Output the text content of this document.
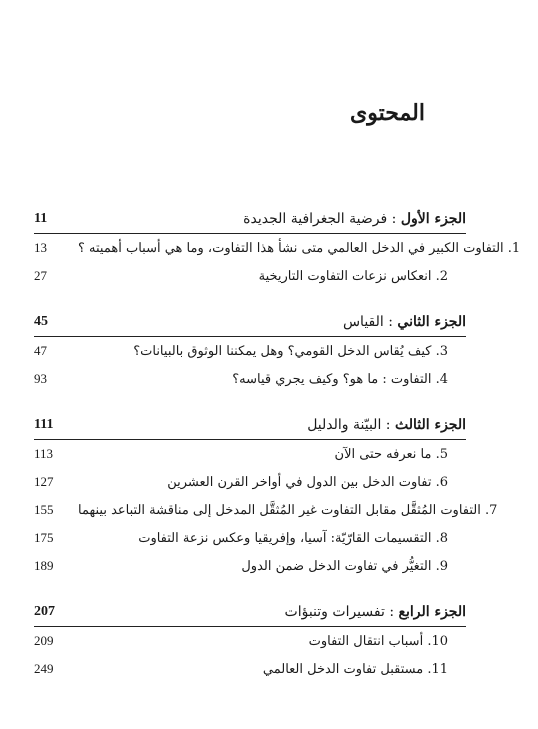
المحتوى
11	الجزء الأول : فرضية الجغرافية الجديدة
13	1. التفاوت الكبير في الدخل العالمي متى نشأ هذا التفاوت، وما هي أسباب أهميته ؟
27	2. انعكاس نزعات التفاوت التاريخية
45	الجزء الثاني : القياس
47	3. كيف يُقاس الدخل القومي؟ وهل يمكننا الوثوق بالبيانات؟
93	4. التفاوت : ما هو؟ وكيف يجري قياسه؟
111	الجزء الثالث : البيّنة والدليل
113	5. ما نعرفه حتى الآن
127	6. تفاوت الدخل بين الدول في أواخر القرن العشرين
155	7. التفاوت المُثقَّل مقابل التفاوت غير المُثقَّل المدخل إلى مناقشة التباعد بينهما
175	8. التقسيمات القارّيّة: آسيا، وإفريقيا وعكس نزعة التفاوت
189	9. التغيُّر في تفاوت الدخل ضمن الدول
207	الجزء الرابع : تفسيرات وتنبؤات
209	10. أسباب انتقال التفاوت
249	11. مستقبل تفاوت الدخل العالمي
